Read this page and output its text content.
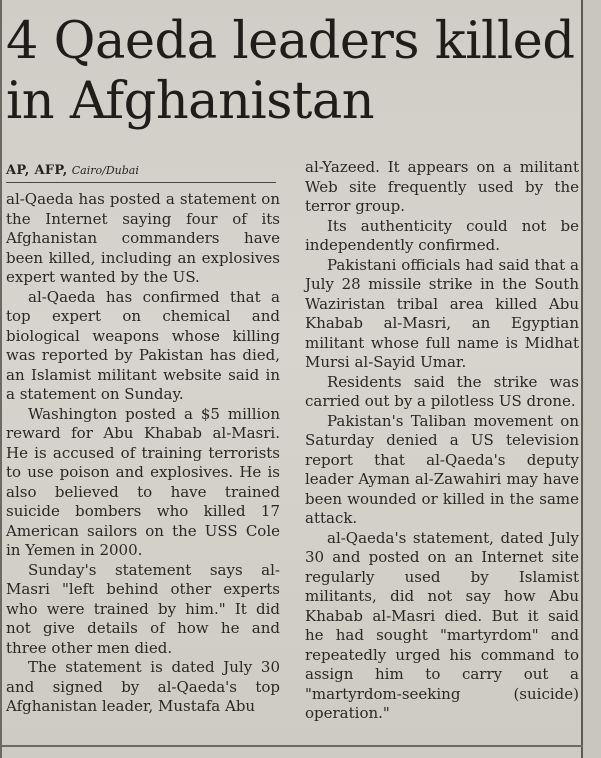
4 Qaeda leaders killed in Afghanistan
AP, AFP, Cairo/Dubai

al-Qaeda has posted a statement on the Internet saying four of its Afghanistan commanders have been killed, including an explosives expert wanted by the US.

al-Qaeda has confirmed that a top expert on chemical and biological weapons whose killing was reported by Pakistan has died, an Islamist militant website said in a statement on Sunday.

Washington posted a $5 million reward for Abu Khabab al-Masri. He is accused of training terrorists to use poison and explosives. He is also believed to have trained suicide bombers who killed 17 American sailors on the USS Cole in Yemen in 2000.

Sunday's statement says al-Masri "left behind other experts who were trained by him." It did not give details of how he and three other men died.

The statement is dated July 30 and signed by al-Qaeda's top Afghanistan leader, Mustafa Abu

al-Yazeed. It appears on a militant Web site frequently used by the terror group.

Its authenticity could not be independently confirmed.

Pakistani officials had said that a July 28 missile strike in the South Waziristan tribal area killed Abu Khabab al-Masri, an Egyptian militant whose full name is Midhat Mursi al-Sayid Umar.

Residents said the strike was carried out by a pilotless US drone.

Pakistan's Taliban movement on Saturday denied a US television report that al-Qaeda's deputy leader Ayman al-Zawahiri may have been wounded or killed in the same attack.

al-Qaeda's statement, dated July 30 and posted on an Internet site regularly used by Islamist militants, did not say how Abu Khabab al-Masri died. But it said he had sought "martyrdom" and repeatedly urged his command to assign him to carry out a "martyrdom-seeking (suicide) operation."
